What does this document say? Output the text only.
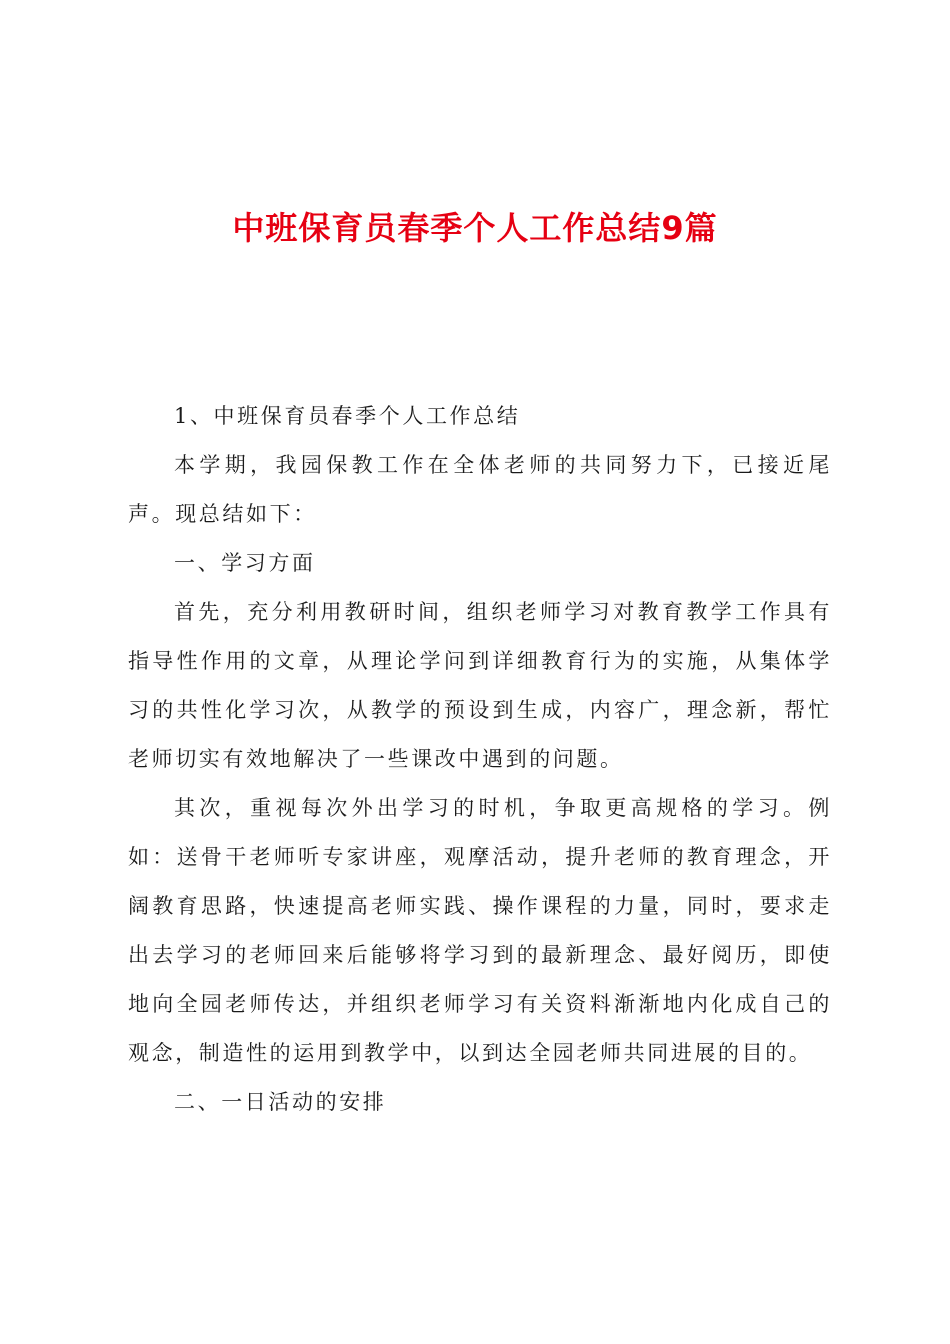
中班保育员春季个人工作总结9篇

1、中班保育员春季个人工作总结

本学期，我园保教工作在全体老师的共同努力下，已接近尾声。现总结如下：

一、学习方面

首先，充分利用教研时间，组织老师学习对教育教学工作具有指导性作用的文章，从理论学问到详细教育行为的实施，从集体学习的共性化学习次，从教学的预设到生成，内容广，理念新，帮忙老师切实有效地解决了一些课改中遇到的问题。

其次，重视每次外出学习的时机，争取更高规格的学习。例如：送骨干老师听专家讲座，观摩活动，提升老师的教育理念，开阔教育思路，快速提高老师实践、操作课程的力量，同时，要求走出去学习的老师回来后能够将学习到的最新理念、最好阅历，即使地向全园老师传达，并组织老师学习有关资料渐渐地内化成自己的观念，制造性的运用到教学中，以到达全园老师共同进展的目的。

二、一日活动的安排
